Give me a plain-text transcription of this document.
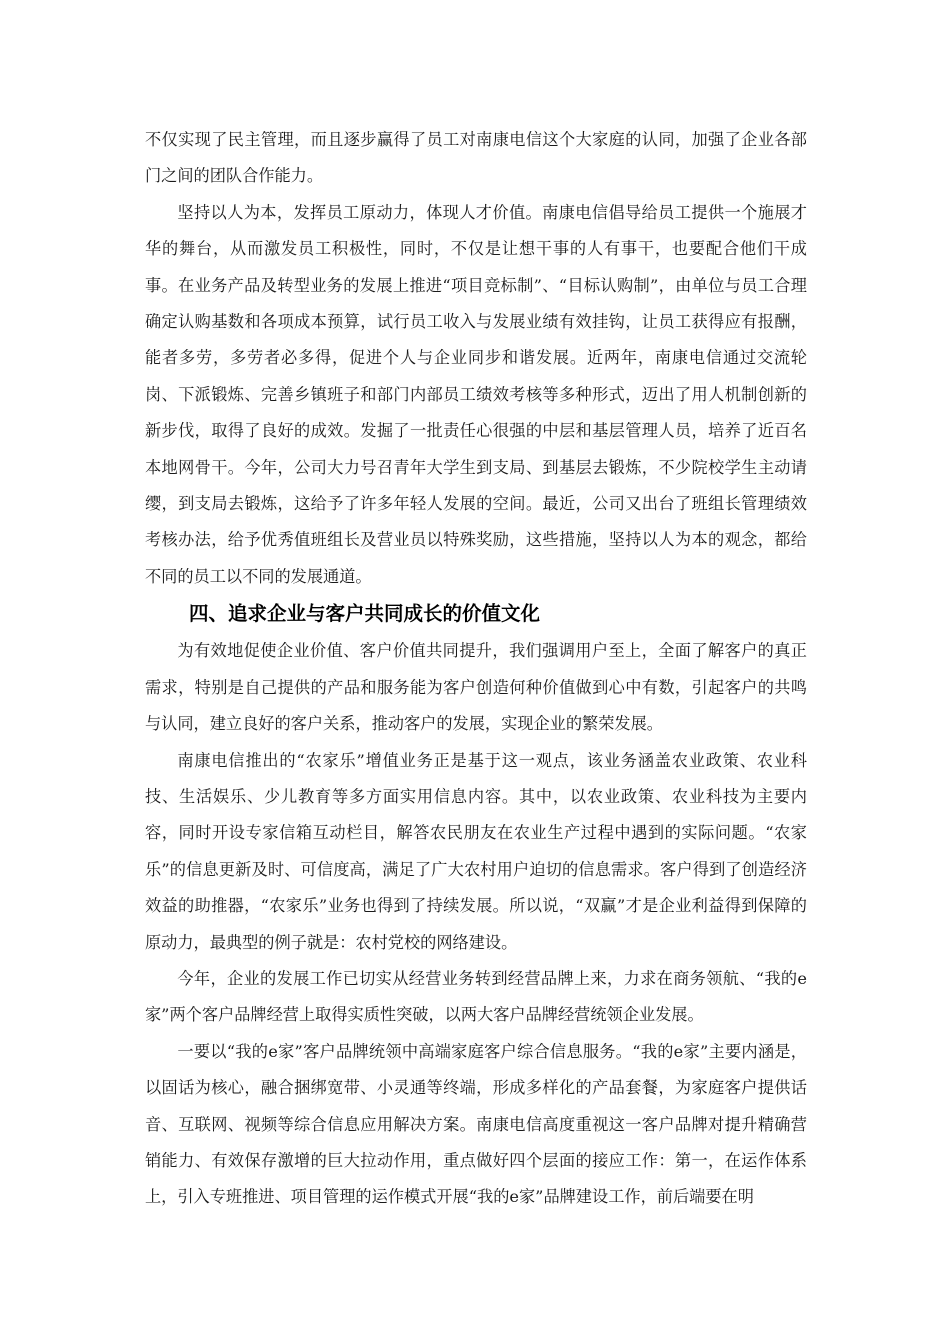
不仅实现了民主管理，而且逐步赢得了员工对南康电信这个大家庭的认同，加强了企业各部门之间的团队合作能力。

坚持以人为本，发挥员工原动力，体现人才价值。南康电信倡导给员工提供一个施展才华的舞台，从而激发员工积极性，同时，不仅是让想干事的人有事干，也要配合他们干成事。在业务产品及转型业务的发展上推进“项目竞标制”、“目标认购制”，由单位与员工合理确定认购基数和各项成本预算，试行员工收入与发展业绩有效挂钩，让员工获得应有报酬，能者多劳，多劳者必多得，促进个人与企业同步和谐发展。近两年，南康电信通过交流轮岗、下派锻炼、完善乡镇班子和部门内部员工绩效考核等多种形式，迈出了用人机制创新的新步伐，取得了良好的成效。发掘了一批责任心很强的中层和基层管理人员，培养了近百名本地网骨干。今年，公司大力号召青年大学生到支局、到基层去锻炼，不少院校学生主动请缨，到支局去锻炼，这给予了许多年轻人发展的空间。最近，公司又出台了班组长管理绩效考核办法，给予优秀值班组长及营业员以特殊奖励，这些措施，坚持以人为本的观念，都给不同的员工以不同的发展通道。

四、追求企业与客户共同成长的价值文化

为有效地促使企业价值、客户价值共同提升，我们强调用户至上，全面了解客户的真正需求，特别是自己提供的产品和服务能为客户创造何种价值做到心中有数，引起客户的共鸣与认同，建立良好的客户关系，推动客户的发展，实现企业的繁荣发展。

南康电信推出的“农家乐”增值业务正是基于这一观点，该业务涵盖农业政策、农业科技、生活娱乐、少儿教育等多方面实用信息内容。其中，以农业政策、农业科技为主要内容，同时开设专家信箱互动栏目，解答农民朋友在农业生产过程中遇到的实际问题。“农家乐”的信息更新及时、可信度高，满足了广大农村用户迫切的信息需求。客户得到了创造经济效益的助推器，“农家乐”业务也得到了持续发展。所以说，“双赢”才是企业利益得到保障的原动力，最典型的例子就是：农村党校的网络建设。

今年，企业的发展工作已切实从经营业务转到经营品牌上来，力求在商务领航、“我的e家”两个客户品牌经营上取得实质性突破，以两大客户品牌经营统领企业发展。

一要以“我的e家”客户品牌统领中高端家庭客户综合信息服务。“我的e家”主要内涵是，以固话为核心，融合捆绑宽带、小灵通等终端，形成多样化的产品套餐，为家庭客户提供话音、互联网、视频等综合信息应用解决方案。南康电信高度重视这一客户品牌对提升精确营销能力、有效保存激增的巨大拉动作用，重点做好四个层面的接应工作：第一，在运作体系上，引入专班推进、项目管理的运作模式开展“我的e家”品牌建设工作，前后端要在明
